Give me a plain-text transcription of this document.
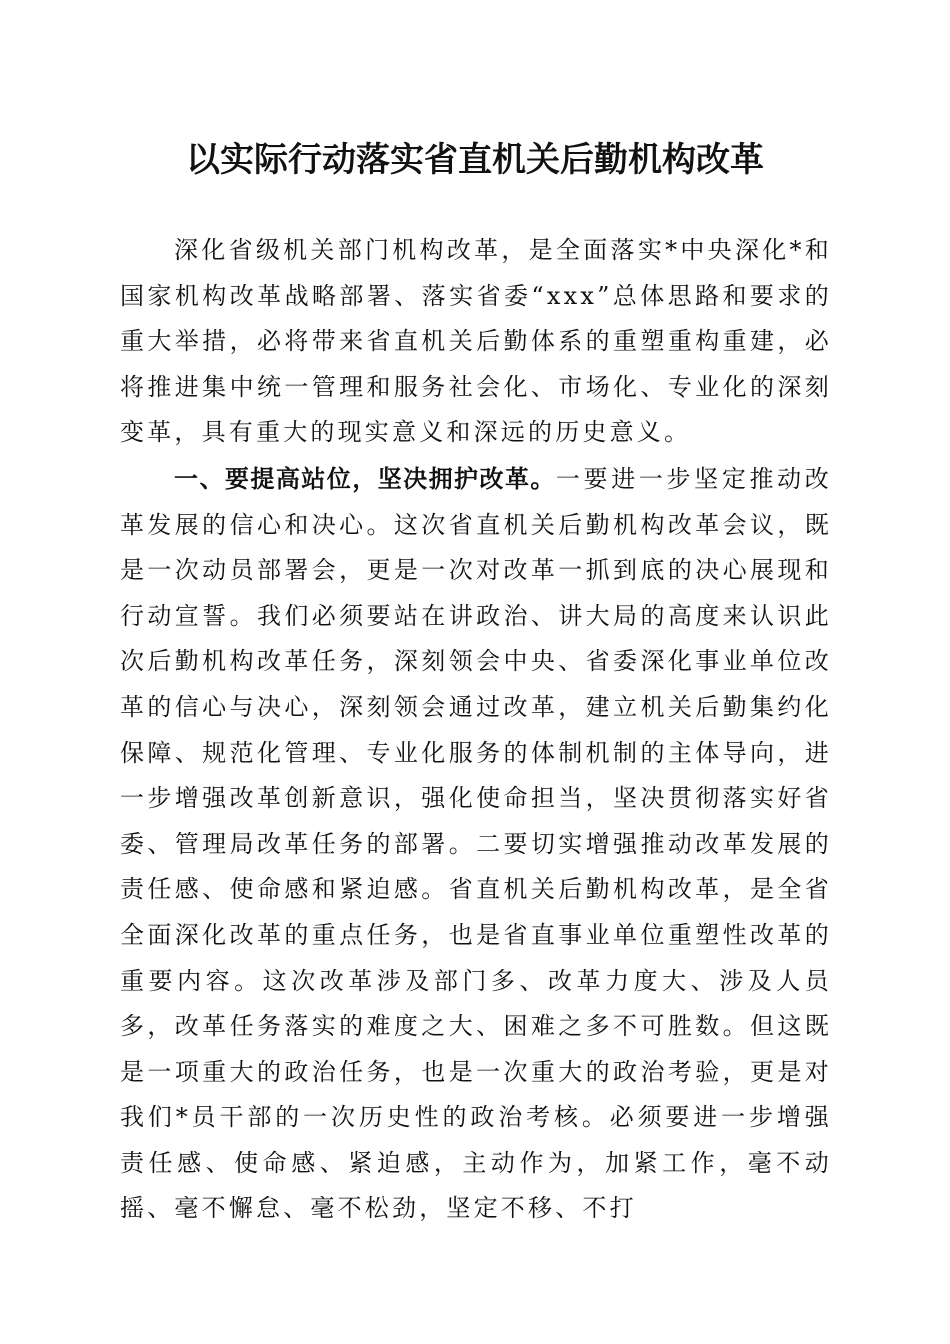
以实际行动落实省直机关后勤机构改革

深化省级机关部门机构改革，是全面落实*中央深化*和国家机构改革战略部署、落实省委“xxx”总体思路和要求的重大举措，必将带来省直机关后勤体系的重塑重构重建，必将推进集中统一管理和服务社会化、市场化、专业化的深刻变革，具有重大的现实意义和深远的历史意义。

一、要提高站位，坚决拥护改革。一要进一步坚定推动改革发展的信心和决心。这次省直机关后勤机构改革会议，既是一次动员部署会，更是一次对改革一抓到底的决心展现和行动宣誓。我们必须要站在讲政治、讲大局的高度来认识此次后勤机构改革任务，深刻领会中央、省委深化事业单位改革的信心与决心，深刻领会通过改革，建立机关后勤集约化保障、规范化管理、专业化服务的体制机制的主体导向，进一步增强改革创新意识，强化使命担当，坚决贯彻落实好省委、管理局改革任务的部署。二要切实增强推动改革发展的责任感、使命感和紧迫感。省直机关后勤机构改革，是全省全面深化改革的重点任务，也是省直事业单位重塑性改革的重要内容。这次改革涉及部门多、改革力度大、涉及人员多，改革任务落实的难度之大、困难之多不可胜数。但这既是一项重大的政治任务，也是一次重大的政治考验，更是对我们*员干部的一次历史性的政治考核。必须要进一步增强责任感、使命感、紧迫感，主动作为，加紧工作，毫不动摇、毫不懈怠、毫不松劲，坚定不移、不打
